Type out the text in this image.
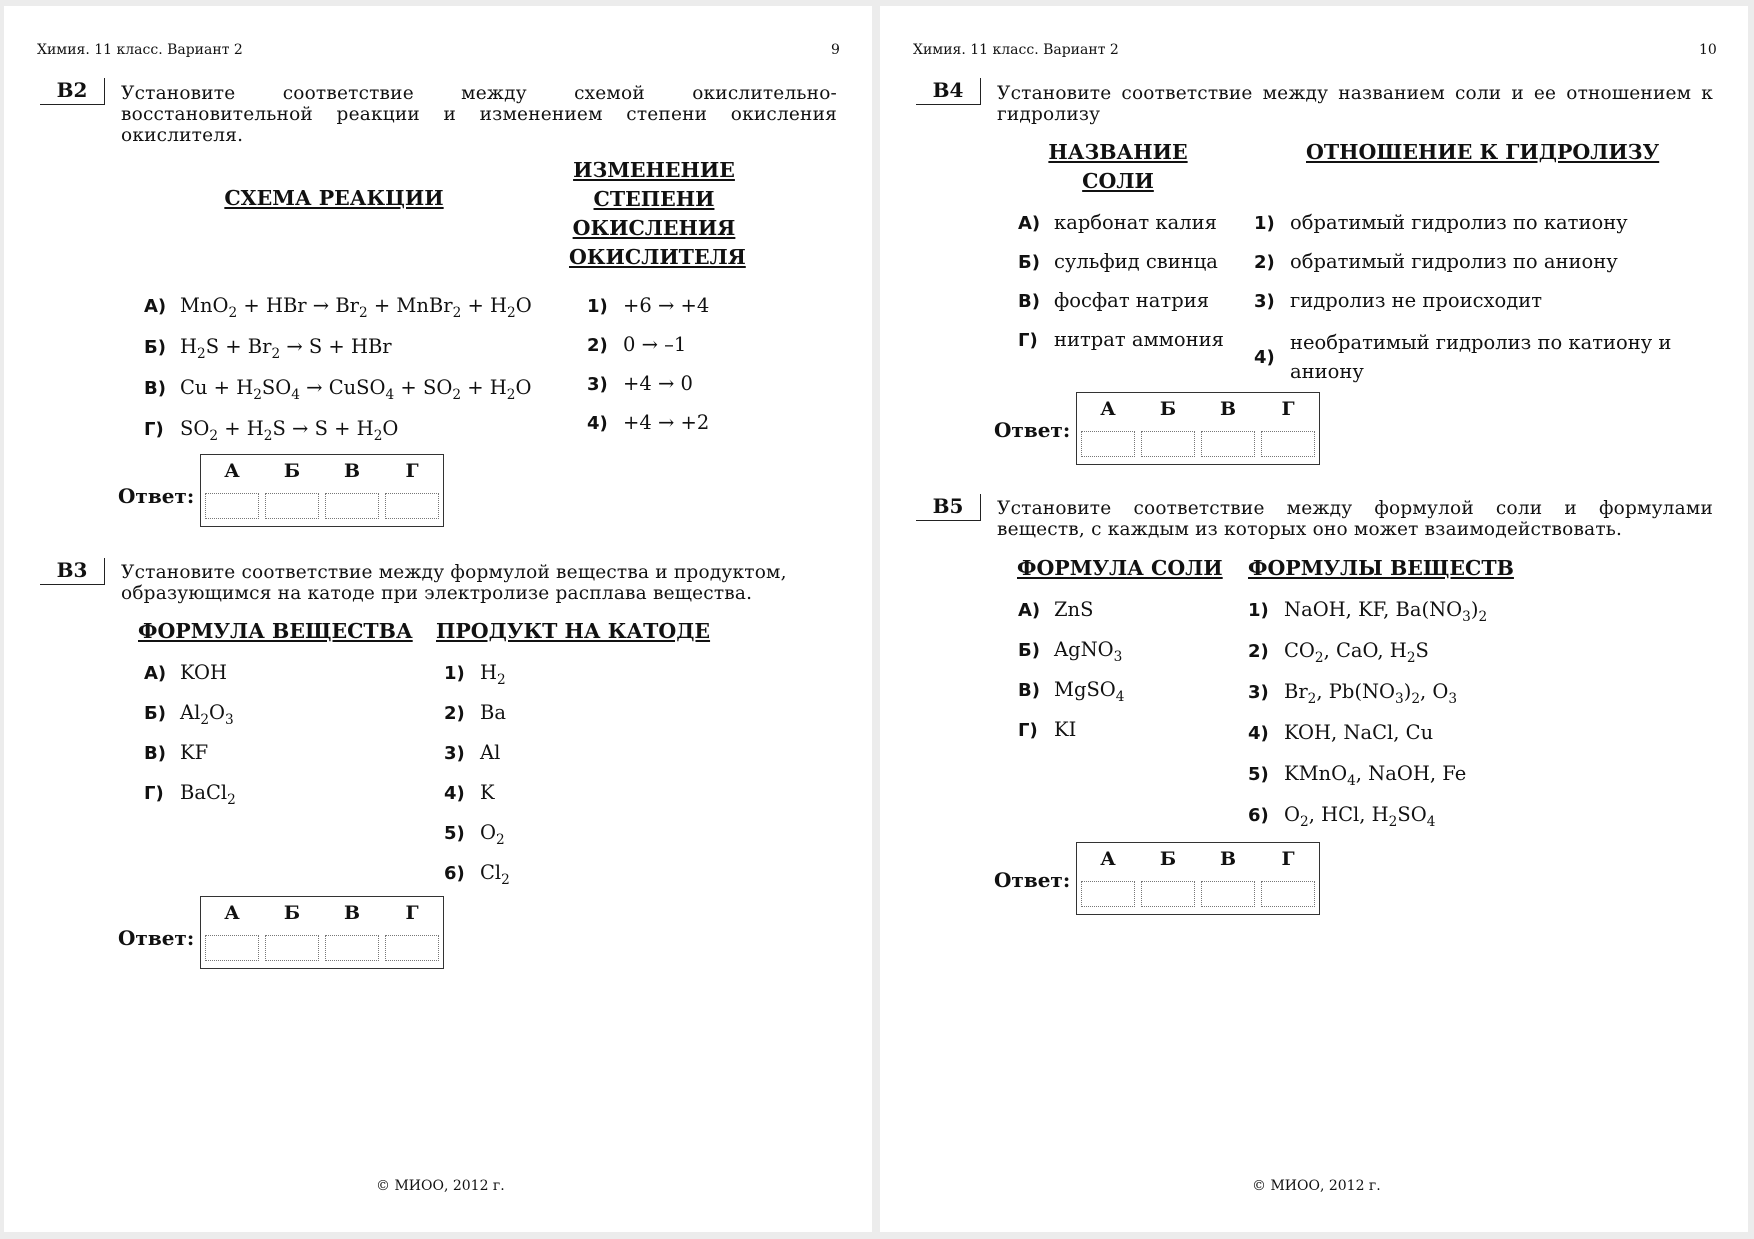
Химия. 11 класс. Вариант 2	9
B2	Установите соответствие между схемой окислительно-
восстановительной реакции и изменением степени окисления
окислителя.
СХЕМА РЕАКЦИИ
ИЗМЕНЕНИЕ
СТЕПЕНИ
ОКИСЛЕНИЯ
ОКИСЛИТЕЛЯ
А) MnO$_2$ + HBr → $Br_2$ + MnBr$_2$ + $H_2O$
Б) $H_2S + Br_2 \to S$ + HBr
В) $Cu + H_2SO_4$ → CuSO$_4$ + $SO_2 + H_2O$
Г) $SO_2 + H_2S \to S + H_2O$
1) +6 → +4
2) 0 → –1
3) +4 → 0
4) +4 → +2
Ответ:
А	Б	В	Г
B3	Установите соответствие между формулой вещества и продуктом,
образующимся на катоде при электролизе расплава вещества.
ФОРМУЛА ВЕЩЕСТВА ПРОДУКТ НА КАТОДЕ
А) KOH
Б) $Al_2O_3$
В) KF
Г) BaCl$_2$
1) $H_2$
2) Ba
3) Al
4) K
5) $O_2$
6) $Cl_2$
Ответ:
А	Б	В	Г
© МИОО, 2012 г.
Химия. 11 класс. Вариант 2	10
B4	Установите соответствие между названием соли и ее отношением к
гидролизу
НАЗВАНИЕ
СОЛИ
ОТНОШЕНИЕ К ГИДРОЛИЗУ
А) карбонат калия
Б) сульфид свинца
В) фосфат натрия
Г) нитрат аммония
1) обратимый гидролиз по катиону
2) обратимый гидролиз по аниону
3) гидролиз не происходит
4)
необратимый гидролиз по катиону и
аниону
Ответ:
А	Б	В	Г
B5	Установите соответствие между формулой соли и формулами
веществ, с каждым из которых оно может взаимодействовать.
ФОРМУЛА СОЛИ ФОРМУЛЫ ВЕЩЕСТВ
А) ZnS
Б) AgNO$_3$
В) MgSO$_4$
Г) KI
1) NaOH, KF, $Ba(NO_3)_2$
2) $CO_2$, CaO, $H_2S$
3) $Br_2$, $Pb(NO_3)_2$, $O_3$
4) KOH, NaCl, Cu
5) KMnO$_4$, NaOH, Fe
6) $O_2$, HCl, $H_2SO_4$
Ответ:
А	Б	В	Г
© МИОО, 2012 г.
